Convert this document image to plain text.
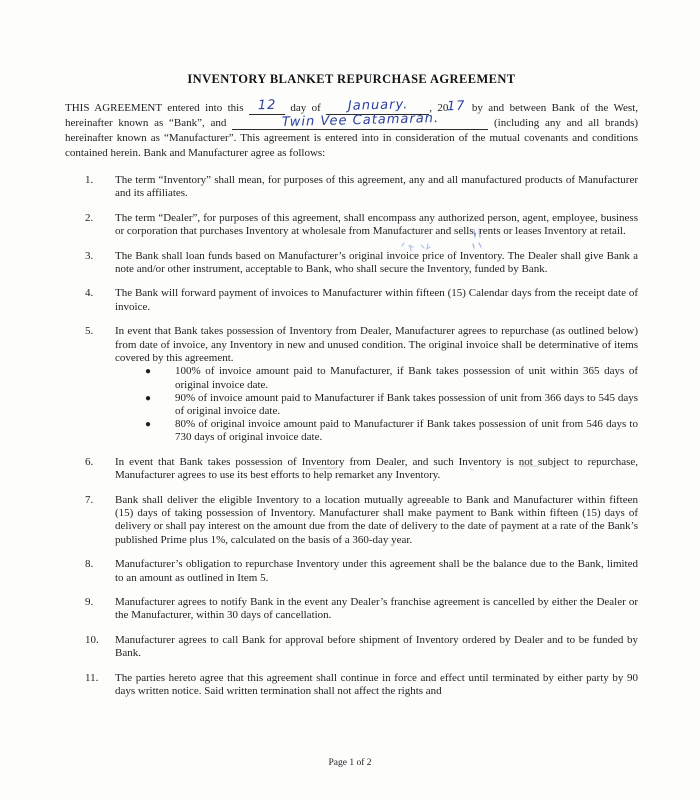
INVENTORY BLANKET REPURCHASE AGREEMENT

THIS AGREEMENT entered into this 12 day of January. , 2017 by and between Bank of the West, hereinafter known as “Bank”, and	Twin Vee Catamaran.	(including any and all brands) hereinafter known as “Manufacturer”. This agreement is entered into in consideration of the mutual covenants and conditions contained herein. Bank and Manufacturer agree as follows:

1.	The term “Inventory” shall mean, for purposes of this agreement, any and all manufactured products of Manufacturer and its affiliates.
2.	The term “Dealer”, for purposes of this agreement, shall encompass any authorized person, agent, employee, business or corporation that purchases Inventory at wholesale from Manufacturer and sells, rents or leases Inventory at retail.
3.	The Bank shall loan funds based on Manufacturer’s original invoice price of Inventory. The Dealer shall give Bank a note and/or other instrument, acceptable to Bank, who shall secure the Inventory, funded by Bank.
4.	The Bank will forward payment of invoices to Manufacturer within fifteen (15) Calendar days from the receipt date of invoice.
5.	In event that Bank takes possession of Inventory from Dealer, Manufacturer agrees to repurchase (as outlined below) from date of invoice, any Inventory in new and unused condition. The original invoice shall be determinative of items covered by this agreement.
●	100% of invoice amount paid to Manufacturer, if Bank takes possession of unit within 365 days of original invoice date.
●	90% of invoice amount paid to Manufacturer if Bank takes possession of unit from 366 days to 545 days of original invoice date.
●	80% of original invoice amount paid to Manufacturer if Bank takes possession of unit from 546 days to 730 days of original invoice date.
6.	In event that Bank takes possession of Inventory from Dealer, and such Inventory is not subject to repurchase, Manufacturer agrees to use its best efforts to help remarket any Inventory.
7.	Bank shall deliver the eligible Inventory to a location mutually agreeable to Bank and Manufacturer within fifteen (15) days of taking possession of Inventory. Manufacturer shall make payment to Bank within fifteen (15) days of delivery or shall pay interest on the amount due from the date of delivery to the date of payment at a rate of the Bank’s published Prime plus 1%, calculated on the basis of a 360-day year.
8.	Manufacturer’s obligation to repurchase Inventory under this agreement shall be the balance due to the Bank, limited to an amount as outlined in Item 5.
9.	Manufacturer agrees to notify Bank in the event any Dealer’s franchise agreement is cancelled by either the Dealer or the Manufacturer, within 30 days of cancellation.
10.	Manufacturer agrees to call Bank for approval before shipment of Inventory ordered by Dealer and to be funded by Bank.
11.	The parties hereto agree that this agreement shall continue in force and effect until terminated by either party by 90 days written notice. Said written termination shall not affect the rights and
Page 1 of 2
